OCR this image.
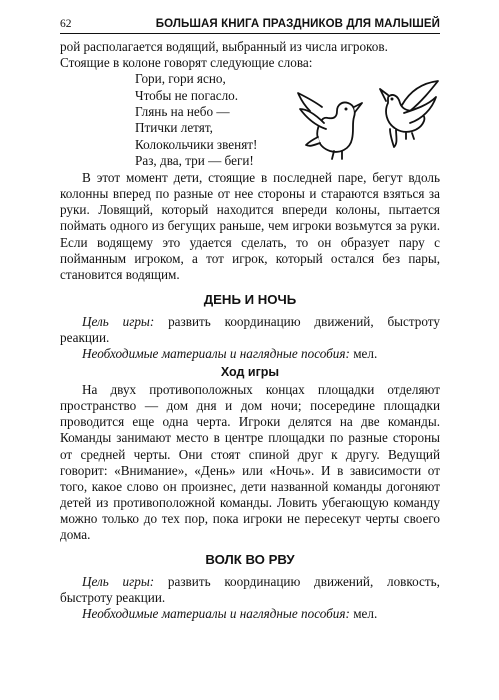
62	БОЛЬШАЯ КНИГА ПРАЗДНИКОВ ДЛЯ МАЛЫШЕЙ

рой располагается водящий, выбранный из числа игроков.

Стоящие в колоне говорят следующие слова:

Гори, гори ясно,
Чтобы не погасло.
Глянь на небо —
Птички летят,
Колокольчики звенят!
Раз, два, три — беги!

В этот момент дети, стоящие в последней паре, бегут вдоль колонны вперед по разные от нее стороны и стараются взяться за руки. Ловящий, который находится впереди колоны, пытается поймать одного из бегущих раньше, чем игроки возьмутся за руки. Если водящему это удается сделать, то он образует пару с пойманным игроком, а тот игрок, который остался без пары, становится водящим.

ДЕНЬ И НОЧЬ

Цель игры: развить координацию движений, быстроту реакции.

Необходимые материалы и наглядные пособия: мел.

Ход игры

На двух противоположных концах площадки отделяют пространство — дом дня и дом ночи; посередине площадки проводится еще одна черта. Игроки делятся на две команды. Команды занимают место в центре площадки по разные стороны от средней черты. Они стоят спиной друг к другу. Ведущий говорит: «Внимание», «День» или «Ночь». И в зависимости от того, какое слово он произнес, дети названной команды догоняют детей из противоположной команды. Ловить убегающую команду можно только до тех пор, пока игроки не пересекут черты своего дома.

ВОЛК ВО РВУ

Цель игры: развить координацию движений, ловкость, быстроту реакции.

Необходимые материалы и наглядные пособия: мел.
